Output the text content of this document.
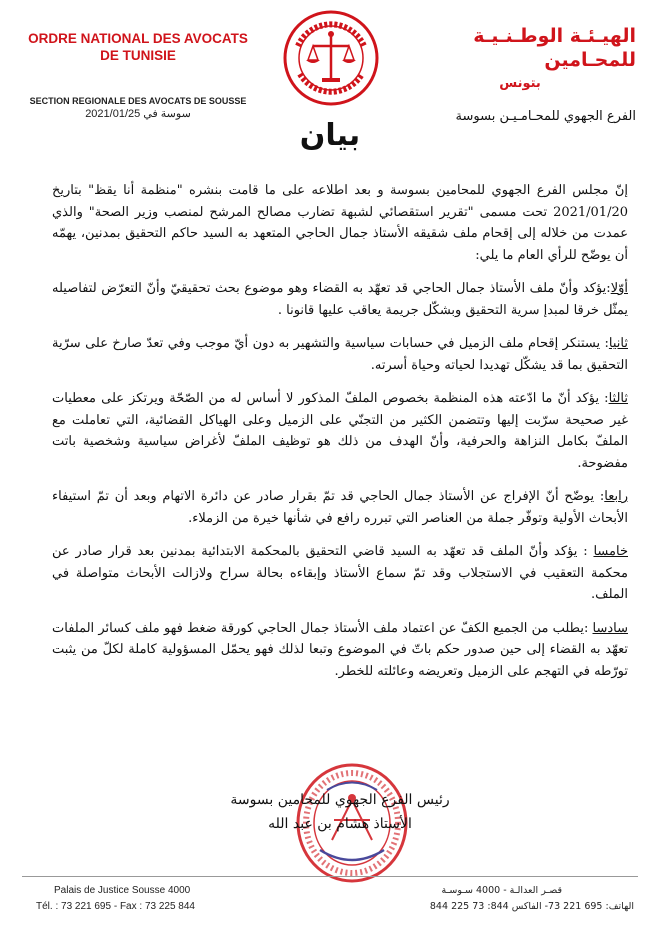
ORDRE NATIONAL DES AVOCATS

DE TUNISIE

SECTION REGIONALE DES AVOCATS DE SOUSSE
سوسة في 2021/01/25
الهيـئـة الوطـنـيـة للمحـامين
بتونس
الفرع الجهوي للمحـامـيـن بسوسة
بيان

إنّ مجلس الفرع الجهوي للمحامين بسوسة و بعد اطلاعه على ما قامت بنشره "منظمة أنا يقظ" بتاريخ 2021/01/20 تحت مسمى "تقرير استقصائي لشبهة تضارب مصالح المرشح لمنصب وزير الصحة" والذي عمدت من خلاله إلى إقحام ملف شقيقه الأستاذ جمال الحاجي المتعهد به السيد حاكم التحقيق بمدنين، يهمّه أن يوضّح للرأي العام ما يلي:

أوّلا:يؤكد وأنّ ملف الأستاذ جمال الحاجي قد تعهّد به القضاء وهو موضوع بحث تحقيقيّ وأنّ التعرّض لتفاصيله يمثّل خرقا لمبدإ سرية التحقيق وبشكّل جريمة يعاقب عليها قانونا .

ثانيا: يستنكر إقحام ملف الزميل في حسابات سياسية والتشهير به دون أيّ موجب وفي تعدّ صارخ على سرّية التحقيق بما قد يشكّل تهديدا لحياته وحياة أسرته.

ثالثا: يؤكد أنّ ما ادّعته هذه المنظمة بخصوص الملفّ المذكور لا أساس له من الصّحّة ويرتكز على معطيات غير صحيحة سرّبت إليها وتتضمن الكثير من التجنّي على الزميل وعلى الهياكل القضائية، التي تعاملت مع الملفّ بكامل النزاهة والحرفية، وأنّ الهدف من ذلك هو توظيف الملفّ لأغراض سياسية وشخصية باتت مفضوحة.

رابعا: يوضّح أنّ الإفراج عن الأستاذ جمال الحاجي قد تمّ بقرار صادر عن دائرة الاتهام وبعد أن تمّ استيفاء الأبحاث الأولية وتوفّر جملة من العناصر التي تبرره رافع في شأنها خيرة من الزملاء.

خامسا : يؤكد وأنّ الملف قد تعهّد به السيد قاضي التحقيق بالمحكمة الابتدائية بمدنين بعد قرار صادر عن محكمة التعقيب في الاستجلاب وقد تمّ سماع الأستاذ وإبقاءه بحالة سراح ولازالت الأبحاث متواصلة في الملف.

سادسا :يطلب من الجميع الكفّ عن اعتماد ملف الأستاذ جمال الحاجي كورقة ضغط فهو ملف كسائر الملفات تعهّد به القضاء إلى حين صدور حكم باتّ في الموضوع وتبعا لذلك فهو يحمّل المسؤولية كاملة لكلّ من يثبت تورّطه في التهجم على الزميل وتعريضه وعائلته للخطر.

رئيس الفرع الجهوي للمحامين بسوسة
الأستاذ هشام بن عبد الله
Palais de Justice Sousse 4000
Tél. : 73 221 695 - Fax : 73 225 844
قصـر العدالـة - 4000 سـوسـة
الهاتف: 695 221 73- الفاكس 844: 73 225 844
